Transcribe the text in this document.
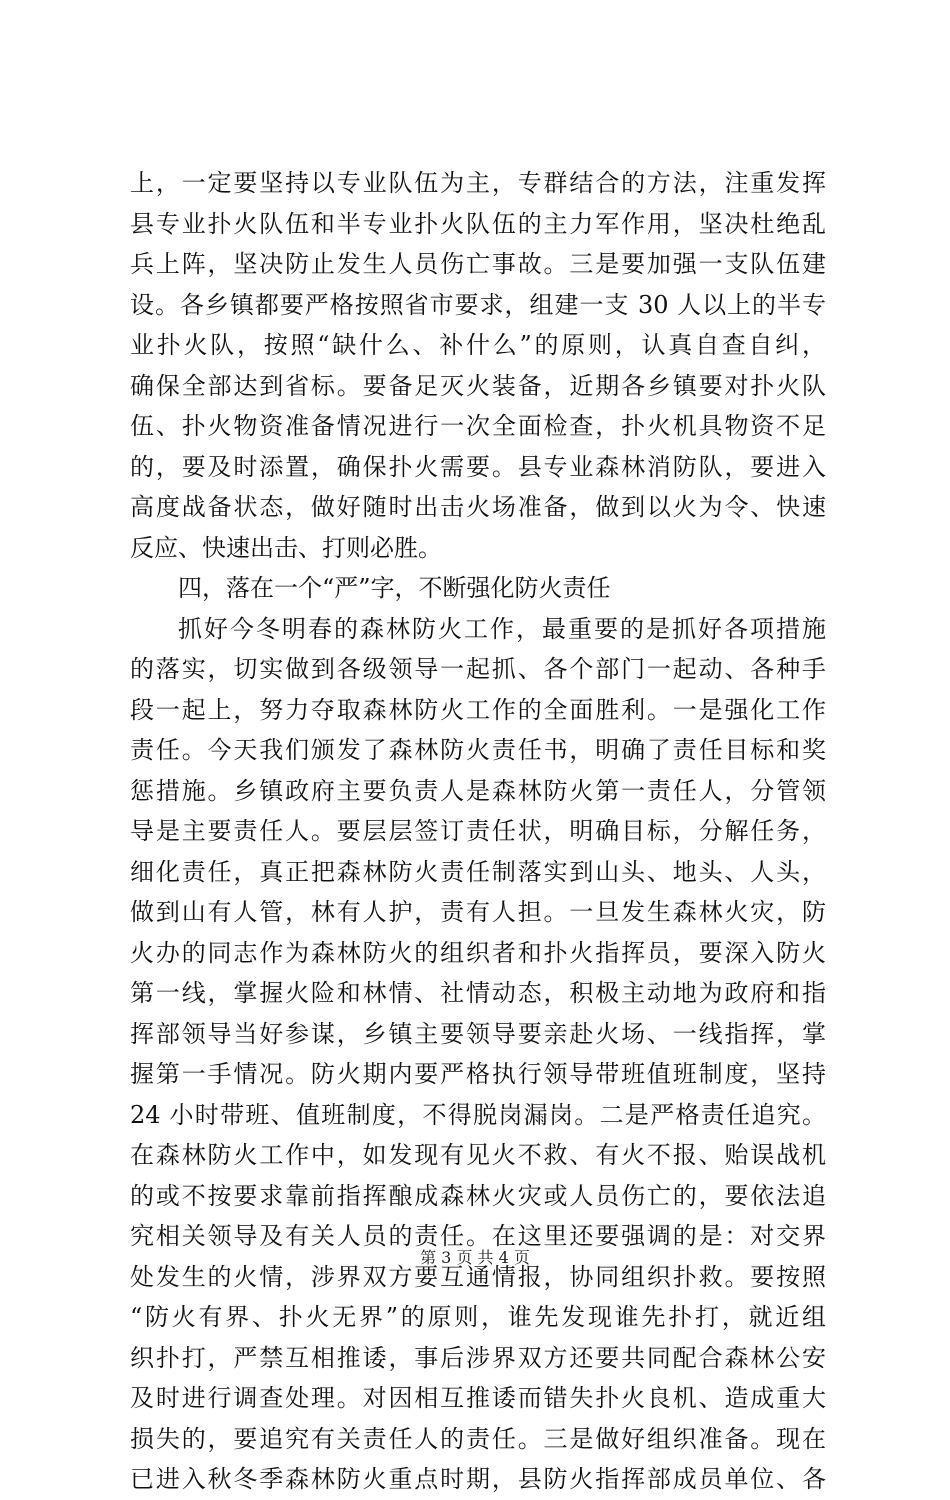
上，一定要坚持以专业队伍为主，专群结合的方法，注重发挥
县专业扑火队伍和半专业扑火队伍的主力军作用，坚决杜绝乱
兵上阵，坚决防止发生人员伤亡事故。三是要加强一支队伍建
设。各乡镇都要严格按照省市要求，组建一支 30 人以上的半专
业扑火队，按照“缺什么、补什么”的原则，认真自查自纠，
确保全部达到省标。要备足灭火装备，近期各乡镇要对扑火队
伍、扑火物资准备情况进行一次全面检查，扑火机具物资不足
的，要及时添置，确保扑火需要。县专业森林消防队，要进入
高度战备状态，做好随时出击火场准备，做到以火为令、快速
反应、快速出击、打则必胜。
四，落在一个“严”字，不断强化防火责任
抓好今冬明春的森林防火工作，最重要的是抓好各项措施
的落实，切实做到各级领导一起抓、各个部门一起动、各种手
段一起上，努力夺取森林防火工作的全面胜利。一是强化工作
责任。今天我们颁发了森林防火责任书，明确了责任目标和奖
惩措施。乡镇政府主要负责人是森林防火第一责任人，分管领
导是主要责任人。要层层签订责任状，明确目标，分解任务，
细化责任，真正把森林防火责任制落实到山头、地头、人头，
做到山有人管，林有人护，责有人担。一旦发生森林火灾，防
火办的同志作为森林防火的组织者和扑火指挥员，要深入防火
第一线，掌握火险和林情、社情动态，积极主动地为政府和指
挥部领导当好参谋，乡镇主要领导要亲赴火场、一线指挥，掌
握第一手情况。防火期内要严格执行领导带班值班制度，坚持
24 小时带班、值班制度，不得脱岗漏岗。二是严格责任追究。
在森林防火工作中，如发现有见火不救、有火不报、贻误战机
的或不按要求靠前指挥酿成森林火灾或人员伤亡的，要依法追
究相关领导及有关人员的责任。在这里还要强调的是：对交界
处发生的火情，涉界双方要互通情报，协同组织扑救。要按照
“防火有界、扑火无界”的原则，谁先发现谁先扑打，就近组
织扑打，严禁互相推诿，事后涉界双方还要共同配合森林公安
及时进行调查处理。对因相互推诿而错失扑火良机、造成重大
损失的，要追究有关责任人的责任。三是做好组织准备。现在
已进入秋冬季森林防火重点时期，县防火指挥部成员单位、各
第 3 页 共 4 页
